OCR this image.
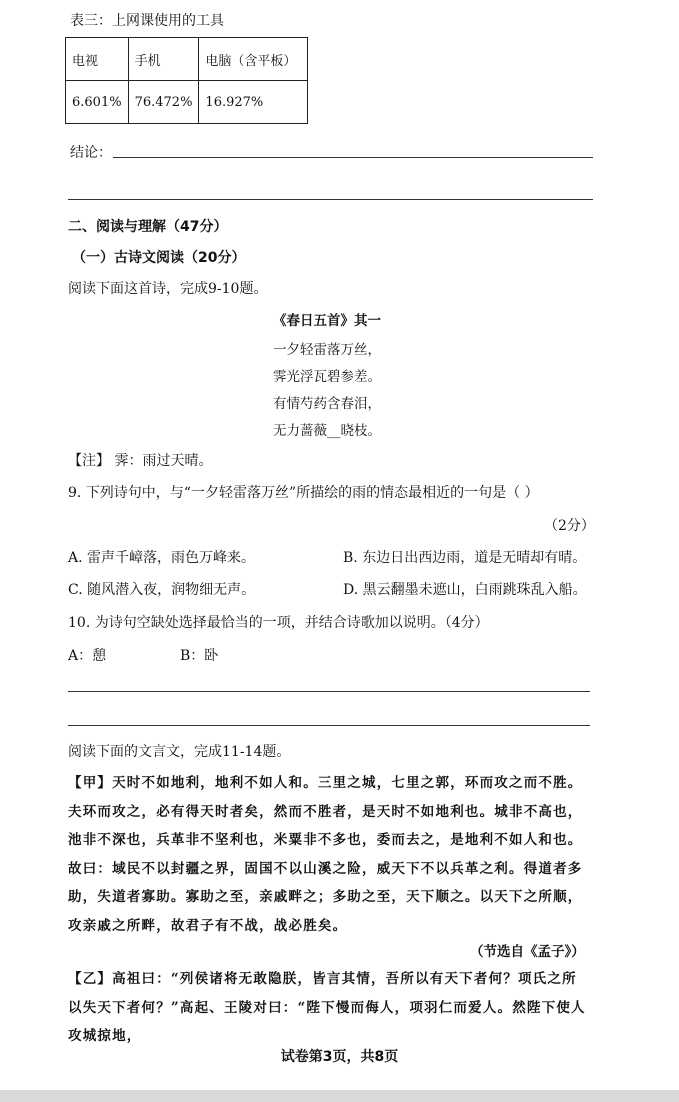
表三：上网课使用的工具
电视	手机	电脑（含平板）
6.601%	76.472%	16.927%
结论：
二、阅读与理解（47分）
（一）古诗文阅读（20分）
阅读下面这首诗，完成9-10题。
《春日五首》其一
一夕轻雷落万丝，
霁光浮瓦碧参差。
有情芍药含春泪，
无力蔷薇__晓枝。
【注】 霁：雨过天晴。
9. 下列诗句中，与“一夕轻雷落万丝”所描绘的雨的情态最相近的一句是（ ）
（2分）
A. 雷声千嶂落，雨色万峰来。	B. 东边日出西边雨，道是无晴却有晴。
C. 随风潜入夜，润物细无声。	D. 黑云翻墨未遮山，白雨跳珠乱入船。
10. 为诗句空缺处选择最恰当的一项，并结合诗歌加以说明。（4分）
A：憩	B：卧
阅读下面的文言文，完成11-14题。
【甲】天时不如地利，地利不如人和。三里之城，七里之郭，环而攻之而不胜。夫环而攻之，必有得天时者矣，然而不胜者，是天时不如地利也。城非不高也，池非不深也，兵革非不坚利也，米粟非不多也，委而去之，是地利不如人和也。故曰：域民不以封疆之界，固国不以山溪之险，威天下不以兵革之利。得道者多助，失道者寡助。寡助之至，亲戚畔之；多助之至，天下顺之。以天下之所顺，攻亲戚之所畔，故君子有不战，战必胜矣。
（节选自《孟子》）
【乙】高祖曰：“列侯诸将无敢隐朕，皆言其情，吾所以有天下者何？项氏之所以失天下者何？”高起、王陵对曰：“陛下慢而侮人，项羽仁而爱人。然陛下使人攻城掠地，
试卷第3页，共8页
